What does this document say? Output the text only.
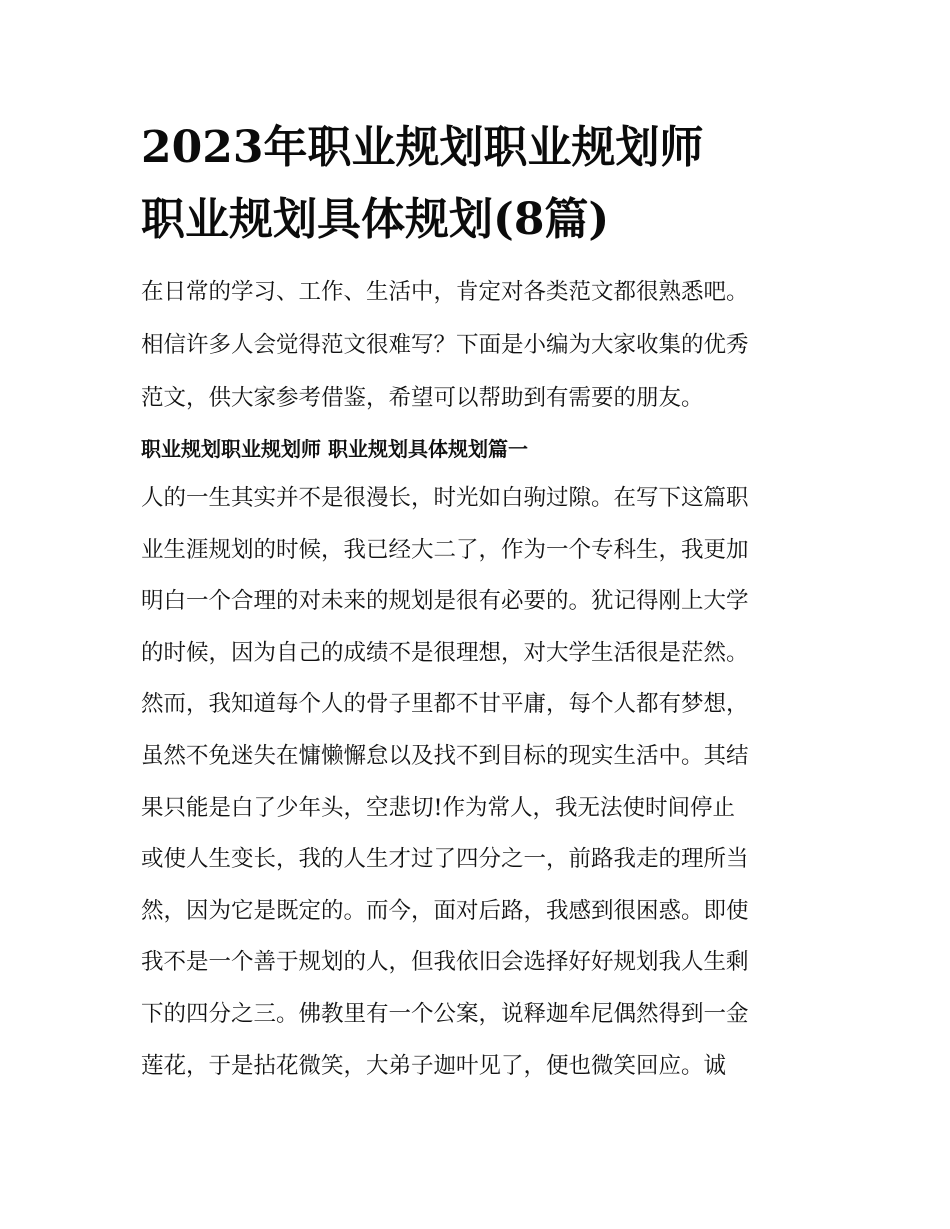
2023年职业规划职业规划师
职业规划具体规划(8篇)
在日常的学习、工作、生活中，肯定对各类范文都很熟悉吧。
相信许多人会觉得范文很难写？下面是小编为大家收集的优秀
范文，供大家参考借鉴，希望可以帮助到有需要的朋友。
职业规划职业规划师 职业规划具体规划篇一
人的一生其实并不是很漫长，时光如白驹过隙。在写下这篇职
业生涯规划的时候，我已经大二了，作为一个专科生，我更加
明白一个合理的对未来的规划是很有必要的。犹记得刚上大学
的时候，因为自己的成绩不是很理想，对大学生活很是茫然。
然而，我知道每个人的骨子里都不甘平庸，每个人都有梦想，
虽然不免迷失在慵懒懈怠以及找不到目标的现实生活中。其结
果只能是白了少年头，空悲切!作为常人，我无法使时间停止
或使人生变长，我的人生才过了四分之一，前路我走的理所当
然，因为它是既定的。而今，面对后路，我感到很困惑。即使
我不是一个善于规划的人，但我依旧会选择好好规划我人生剩
下的四分之三。佛教里有一个公案，说释迦牟尼偶然得到一金
莲花，于是拈花微笑，大弟子迦叶见了，便也微笑回应。诚
